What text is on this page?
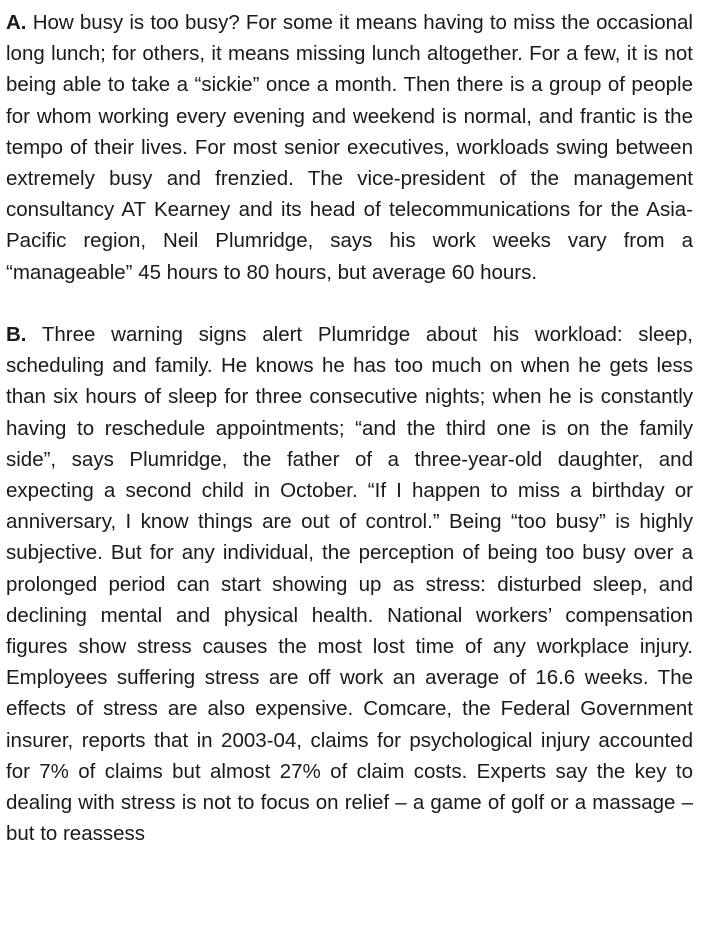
A. How busy is too busy? For some it means having to miss the occasional long lunch; for others, it means missing lunch altogether. For a few, it is not being able to take a “sickie” once a month. Then there is a group of people for whom working every evening and weekend is normal, and frantic is the tempo of their lives. For most senior executives, workloads swing between extremely busy and frenzied. The vice-president of the management consultancy AT Kearney and its head of telecommunications for the Asia-Pacific region, Neil Plumridge, says his work weeks vary from a “manageable” 45 hours to 80 hours, but average 60 hours.

B. Three warning signs alert Plumridge about his workload: sleep, scheduling and family. He knows he has too much on when he gets less than six hours of sleep for three consecutive nights; when he is constantly having to reschedule appointments; “and the third one is on the family side”, says Plumridge, the father of a three-year-old daughter, and expecting a second child in October. “If I happen to miss a birthday or anniversary, I know things are out of control.” Being “too busy” is highly subjective. But for any individual, the perception of being too busy over a prolonged period can start showing up as stress: disturbed sleep, and declining mental and physical health. National workers’ compensation figures show stress causes the most lost time of any workplace injury. Employees suffering stress are off work an average of 16.6 weeks. The effects of stress are also expensive. Comcare, the Federal Government insurer, reports that in 2003-04, claims for psychological injury accounted for 7% of claims but almost 27% of claim costs. Experts say the key to dealing with stress is not to focus on relief – a game of golf or a massage – but to reassess
